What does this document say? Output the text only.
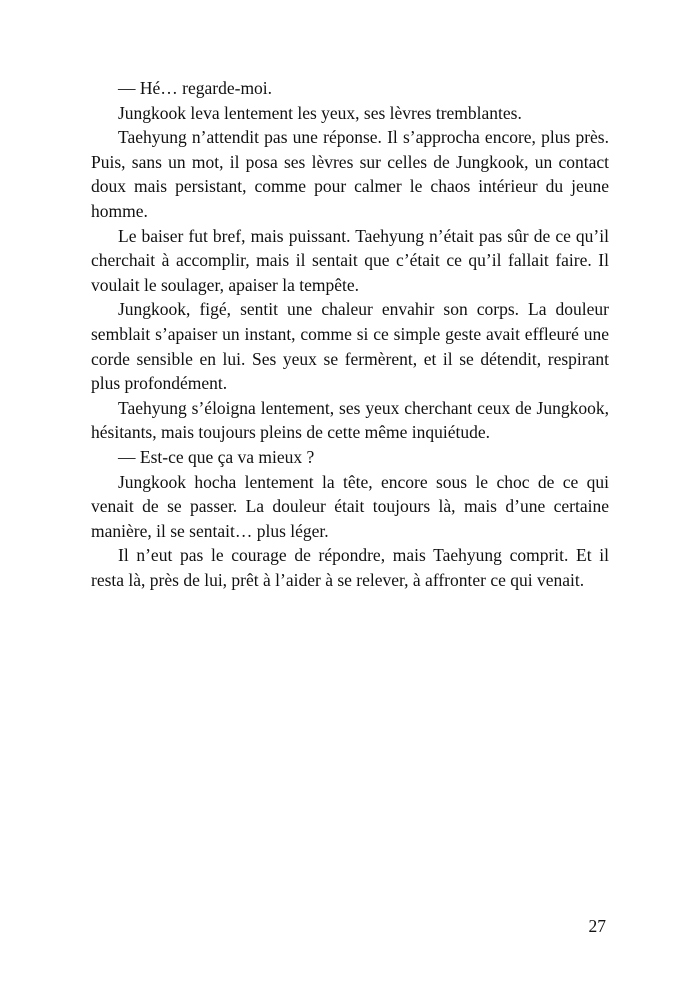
— Hé… regarde-moi.

Jungkook leva lentement les yeux, ses lèvres tremblantes.

Taehyung n’attendit pas une réponse. Il s’approcha encore, plus près. Puis, sans un mot, il posa ses lèvres sur celles de Jungkook, un contact doux mais persistant, comme pour calmer le chaos intérieur du jeune homme.

Le baiser fut bref, mais puissant. Taehyung n’était pas sûr de ce qu’il cherchait à accomplir, mais il sentait que c’était ce qu’il fallait faire. Il voulait le soulager, apaiser la tempête.

Jungkook, figé, sentit une chaleur envahir son corps. La douleur semblait s’apaiser un instant, comme si ce simple geste avait effleuré une corde sensible en lui. Ses yeux se fermèrent, et il se détendit, respirant plus profondément.

Taehyung s’éloigna lentement, ses yeux cherchant ceux de Jungkook, hésitants, mais toujours pleins de cette même inquiétude.

— Est-ce que ça va mieux ?

Jungkook hocha lentement la tête, encore sous le choc de ce qui venait de se passer. La douleur était toujours là, mais d’une certaine manière, il se sentait… plus léger.

Il n’eut pas le courage de répondre, mais Taehyung comprit. Et il resta là, près de lui, prêt à l’aider à se relever, à affronter ce qui venait.

27
